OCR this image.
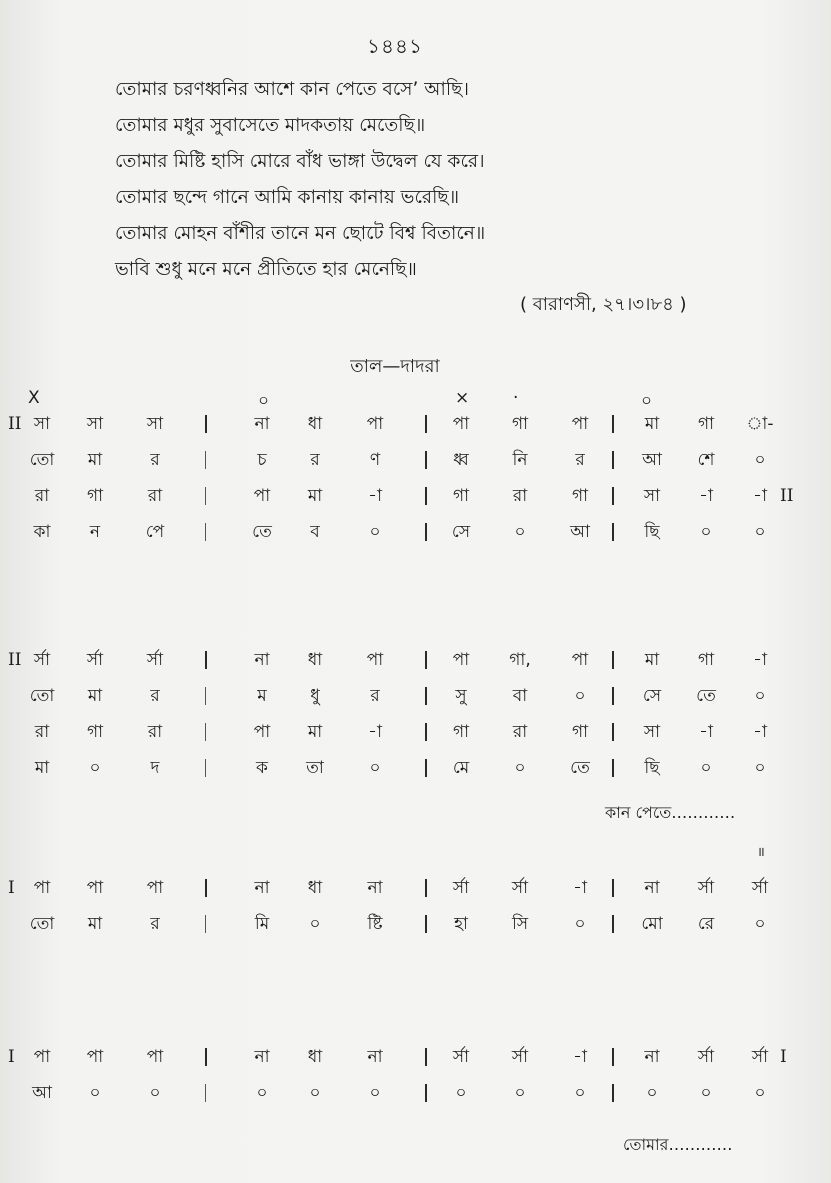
১৪৪১
তোমার চরণধ্বনির আশে কান পেতে বসে’ আছি।
তোমার মধুর সুবাসেতে মাদকতায় মেতেছি॥
তোমার মিষ্টি হাসি মোরে বাঁধ ভাঙ্গা উদ্বেল যে করে।
তোমার ছন্দে গানে আমি কানায় কানায় ভরেছি॥
তোমার মোহন বাঁশীর তানে মন ছোটে বিশ্ব বিতানে॥
ভাবি শুধু মনে মনে প্রীতিতে হার মেনেছি॥
( বারাণসী, ২৭।৩।৮৪ )
তাল—দাদরা
X	০	×	·	০
II সা	সা	সা	না	ধা	পা	পা	গা	পা	মা	গা	া-
তো	মা	র	চ	র	ণ	ধ্ব	নি	র	আ	শে	০
II
রা	গা	রা	পা	মা	-া	গা	রা	গা	সা	-া	-া
কা	ন	পে	তে	ব	০	সে	০	আ	ছি	০	০
II র্সা	র্সা	র্সা	না	ধা	পা	পা	গা,	পা	মা	গা	-া
তো	মা	র	ম	ধু	র	সু	বা	০	সে	তে	০
রা	গা	রা	পা	মা	-া	গা	রা	গা	সা	-া	-া
মা	০	দ	ক	তা	০	মে	০	তে	ছি	০	০
কান পেতে…………
॥
I	পা	পা	পা	না	ধা	না	র্সা	র্সা	-া	না	র্সা	র্সা
তো	মা	র	মি	০	ষ্টি	হা	সি	০	মো	রে	০
I	I
পা	পা	পা	না	ধা	না	র্সা	র্সা	-া	না	র্সা	র্সা
আ	০	০	০	০	০	০	০	০	০	০	০
তোমার…………
